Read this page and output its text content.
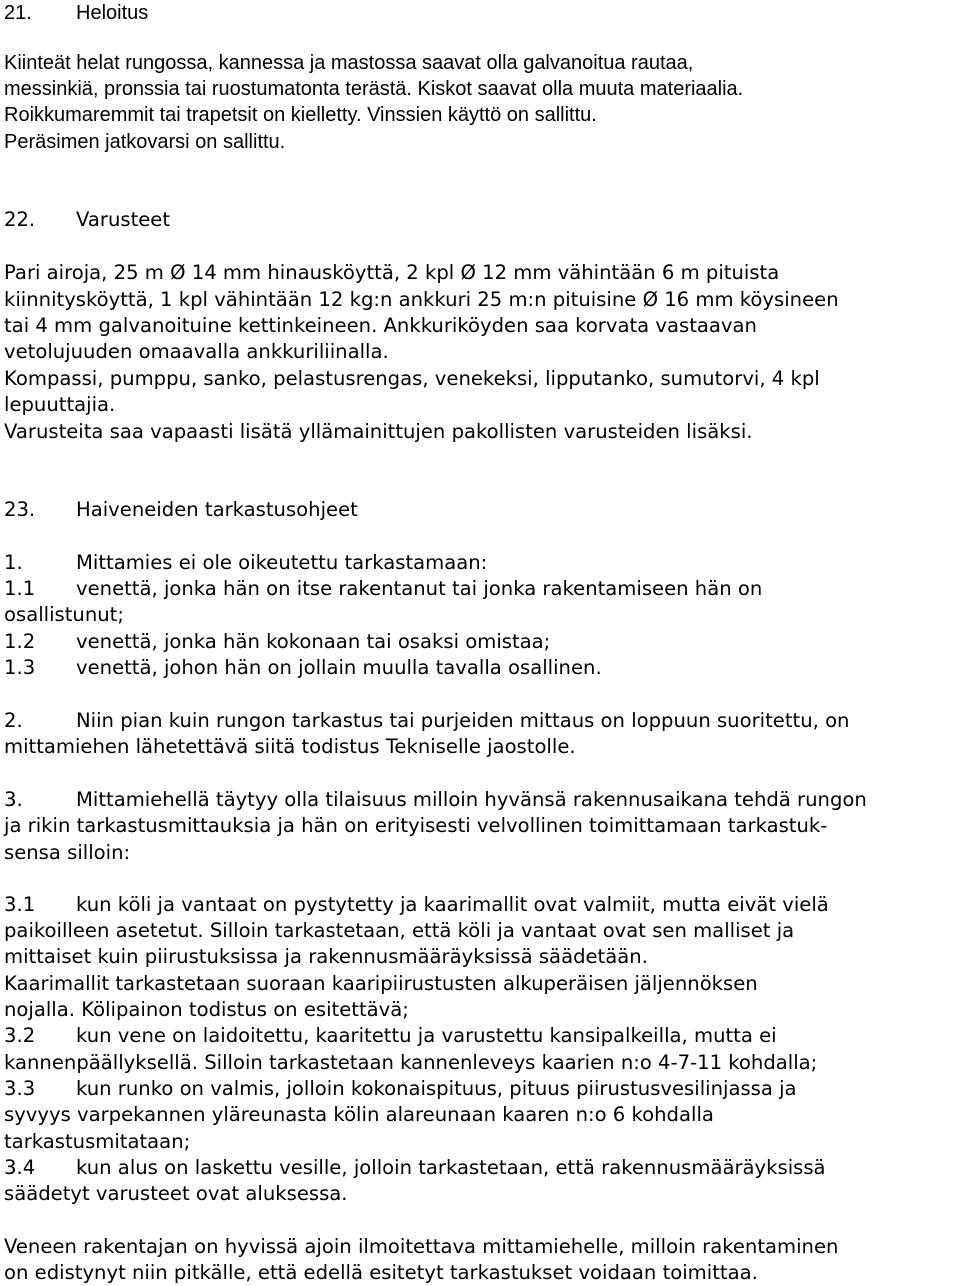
21. Heloitus
Kiinteät helat rungossa, kannessa ja mastossa saavat olla galvanoitua rautaa,
messinkiä, pronssia tai ruostumatonta terästä. Kiskot saavat olla muuta materiaalia.
Roikkumaremmit tai trapetsit on kielletty. Vinssien käyttö on sallittu.
Peräsimen jatkovarsi on sallittu.
22. Varusteet
Pari airoja, 25 m Ø 14 mm hinausköyttä, 2 kpl Ø 12 mm vähintään 6 m pituista
kiinnitysköyttä, 1 kpl vähintään 12 kg:n ankkuri 25 m:n pituisine Ø 16 mm köysineen
tai 4 mm galvanoituine kettinkeineen. Ankkuriköyden saa korvata vastaavan
vetolujuuden omaavalla ankkuriliinalla.
Kompassi, pumppu, sanko, pelastusrengas, venekeksi, lipputanko, sumutorvi, 4 kpl
lepuuttajia.
Varusteita saa vapaasti lisätä yllämainittujen pakollisten varusteiden lisäksi.
23. Haiveneiden tarkastusohjeet
1.	Mittamies ei ole oikeutettu tarkastamaan:
1.1 venettä, jonka hän on itse rakentanut tai jonka rakentamiseen hän on
osallistunut;
1.2 venettä, jonka hän kokonaan tai osaksi omistaa;
1.3 venettä, johon hän on jollain muulla tavalla osallinen.
2.	Niin pian kuin rungon tarkastus tai purjeiden mittaus on loppuun suoritettu, on
mittamiehen lähetettävä siitä todistus Tekniselle jaostolle.
3.	Mittamiehellä täytyy olla tilaisuus milloin hyvänsä rakennusaikana tehdä rungon
ja rikin tarkastusmittauksia ja hän on erityisesti velvollinen toimittamaan tarkastuk-
sensa silloin:
3.1 kun köli ja vantaat on pystytetty ja kaarimallit ovat valmiit, mutta eivät vielä
paikoilleen asetetut. Silloin tarkastetaan, että köli ja vantaat ovat sen malliset ja
mittaiset kuin piirustuksissa ja rakennusmääräyksissä säädetään.
Kaarimallit tarkastetaan suoraan kaaripiirustusten alkuperäisen jäljennöksen
nojalla. Kölipainon todistus on esitettävä;
3.2 kun vene on laidoitettu, kaaritettu ja varustettu kansipalkeilla, mutta ei
kannenpäällyksellä. Silloin tarkastetaan kannenleveys kaarien n:o 4-7-11 kohdalla;
3.3 kun runko on valmis, jolloin kokonaispituus, pituus piirustusvesilinjassa ja
syvyys varpekannen yläreunasta kölin alareunaan kaaren n:o 6 kohdalla
tarkastusmitataan;
3.4 kun alus on laskettu vesille, jolloin tarkastetaan, että rakennusmääräyksissä
säädetyt varusteet ovat aluksessa.
Veneen rakentajan on hyvissä ajoin ilmoitettava mittamiehelle, milloin rakentaminen
on edistynyt niin pitkälle, että edellä esitetyt tarkastukset voidaan toimittaa.
